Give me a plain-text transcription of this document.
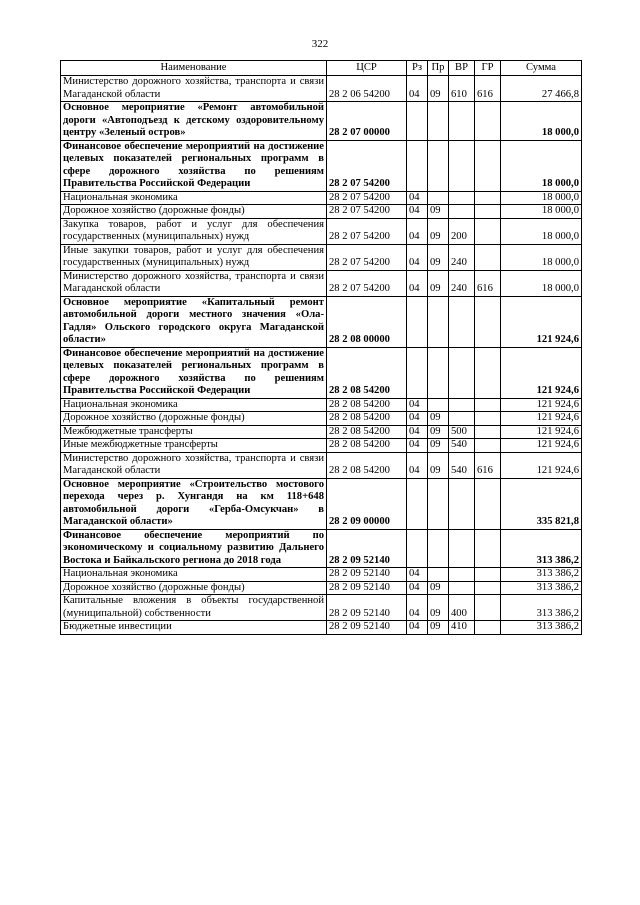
322
Наименование	ЦСР	Рз	Пр	ВР	ГР	Сумма
Министерство дорожного хозяйства, транспорта и связи Магаданской области	28 2 06 54200	04	09	610	616	27 466,8
Основное мероприятие «Ремонт автомобильной дороги «Автоподъезд к детскому оздоровительному центру «Зеленый остров»	28 2 07 00000					18 000,0
Финансовое обеспечение мероприятий на достижение целевых показателей региональных программ в сфере дорожного хозяйства по решениям Правительства Российской Федерации	28 2 07 54200					18 000,0
Национальная экономика	28 2 07 54200	04				18 000,0
Дорожное хозяйство (дорожные фонды)	28 2 07 54200	04	09			18 000,0
Закупка товаров, работ и услуг для обеспечения государственных (муниципальных) нужд	28 2 07 54200	04	09	200		18 000,0
Иные закупки товаров, работ и услуг для обеспечения государственных (муниципальных) нужд	28 2 07 54200	04	09	240		18 000,0
Министерство дорожного хозяйства, транспорта и связи Магаданской области	28 2 07 54200	04	09	240	616	18 000,0
Основное мероприятие «Капитальный ремонт автомобильной дороги местного значения «Ола-Гадля» Ольского городского округа Магаданской области»	28 2 08 00000					121 924,6
Финансовое обеспечение мероприятий на достижение целевых показателей региональных программ в сфере дорожного хозяйства по решениям Правительства Российской Федерации	28 2 08 54200					121 924,6
Национальная экономика	28 2 08 54200	04				121 924,6
Дорожное хозяйство (дорожные фонды)	28 2 08 54200	04	09			121 924,6
Межбюджетные трансферты	28 2 08 54200	04	09	500		121 924,6
Иные межбюджетные трансферты	28 2 08 54200	04	09	540		121 924,6
Министерство дорожного хозяйства, транспорта и связи Магаданской области	28 2 08 54200	04	09	540	616	121 924,6
Основное мероприятие «Строительство мостового перехода через р. Хунгандя на км 118+648 автомобильной дороги «Герба-Омсукчан» в Магаданской области»	28 2 09 00000					335 821,8
Финансовое обеспечение мероприятий по экономическому и социальному развитию Дальнего Востока и Байкальского региона до 2018 года	28 2 09 52140					313 386,2
Национальная экономика	28 2 09 52140	04				313 386,2
Дорожное хозяйство (дорожные фонды)	28 2 09 52140	04	09			313 386,2
Капитальные вложения в объекты государственной (муниципальной) собственности	28 2 09 52140	04	09	400		313 386,2
Бюджетные инвестиции	28 2 09 52140	04	09	410		313 386,2
